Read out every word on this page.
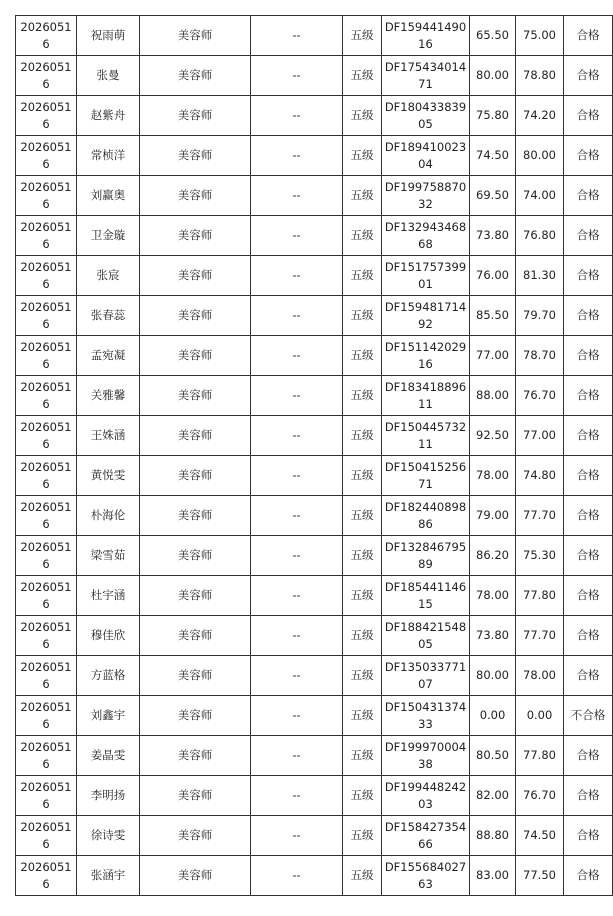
20260516	祝雨萌	美容师	--	五级	DF15944149016	65.50	75.00	合格
20260516	张曼	美容师	--	五级	DF17543401471	80.00	78.80	合格
20260516	赵紫舟	美容师	--	五级	DF18043383905	75.80	74.20	合格
20260516	常桢洋	美容师	--	五级	DF18941002304	74.50	80.00	合格
20260516	刘赢奥	美容师	--	五级	DF19975887032	69.50	74.00	合格
20260516	卫金璇	美容师	--	五级	DF13294346868	73.80	76.80	合格
20260516	张宸	美容师	--	五级	DF15175739901	76.00	81.30	合格
20260516	张春蕊	美容师	--	五级	DF15948171492	85.50	79.70	合格
20260516	孟宛凝	美容师	--	五级	DF15114202916	77.00	78.70	合格
20260516	关雅馨	美容师	--	五级	DF18341889611	88.00	76.70	合格
20260516	王姝涵	美容师	--	五级	DF15044573211	92.50	77.00	合格
20260516	黄悦雯	美容师	--	五级	DF15041525671	78.00	74.80	合格
20260516	朴海伦	美容师	--	五级	DF18244089886	79.00	77.70	合格
20260516	梁雪茹	美容师	--	五级	DF13284679589	86.20	75.30	合格
20260516	杜宇涵	美容师	--	五级	DF18544114615	78.00	77.80	合格
20260516	穆佳欣	美容师	--	五级	DF18842154805	73.80	77.70	合格
20260516	方蓝格	美容师	--	五级	DF13503377107	80.00	78.00	合格
20260516	刘鑫宇	美容师	--	五级	DF15043137433	0.00	0.00	不合格
20260516	姜晶雯	美容师	--	五级	DF19997000438	80.50	77.80	合格
20260516	李明扬	美容师	--	五级	DF19944824203	82.00	76.70	合格
20260516	徐诗雯	美容师	--	五级	DF15842735466	88.80	74.50	合格
20260516	张涵宇	美容师	--	五级	DF15568402763	83.00	77.50	合格
